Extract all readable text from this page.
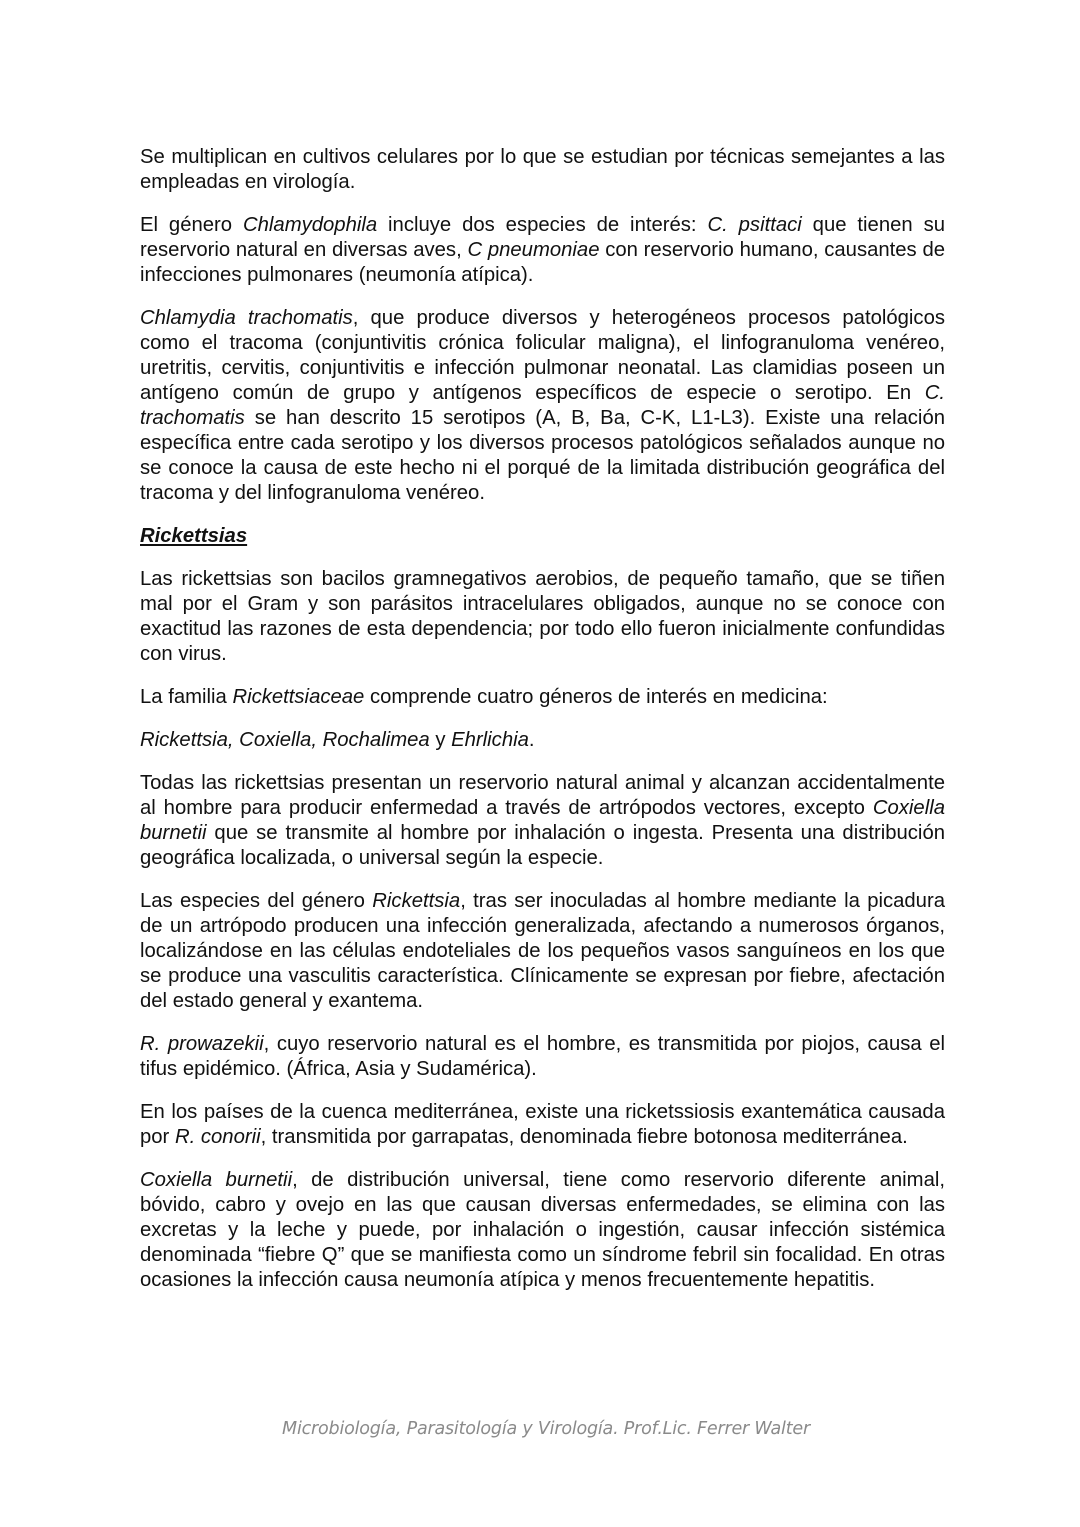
Se multiplican en cultivos celulares por lo que se estudian por técnicas semejantes a las empleadas en virología.

El género Chlamydophila incluye dos especies de interés: C. psittaci que tienen su reservorio natural en diversas aves, C pneumoniae con reservorio humano, causantes de infecciones pulmonares (neumonía atípica).

Chlamydia trachomatis, que produce diversos y heterogéneos procesos patológicos como el tracoma (conjuntivitis crónica folicular maligna), el linfogranuloma venéreo, uretritis, cervitis, conjuntivitis e infección pulmonar neonatal. Las clamidias poseen un antígeno común de grupo y antígenos específicos de especie o serotipo. En C. trachomatis se han descrito 15 serotipos (A, B, Ba, C-K, L1-L3). Existe una relación específica entre cada serotipo y los diversos procesos patológicos señalados aunque no se conoce la causa de este hecho ni el porqué de la limitada distribución geográfica del tracoma y del linfogranuloma venéreo.

Rickettsias

Las rickettsias son bacilos gramnegativos aerobios, de pequeño tamaño, que se tiñen mal por el Gram y son parásitos intracelulares obligados, aunque no se conoce con exactitud las razones de esta dependencia; por todo ello fueron inicialmente confundidas con virus.

La familia Rickettsiaceae comprende cuatro géneros de interés en medicina:

Rickettsia, Coxiella, Rochalimea y Ehrlichia.

Todas las rickettsias presentan un reservorio natural animal y alcanzan accidentalmente al hombre para producir enfermedad a través de artrópodos vectores, excepto Coxiella burnetii que se transmite al hombre por inhalación o ingesta. Presenta una distribución geográfica localizada, o universal según la especie.

Las especies del género Rickettsia, tras ser inoculadas al hombre mediante la picadura de un artrópodo producen una infección generalizada, afectando a numerosos órganos, localizándose en las células endoteliales de los pequeños vasos sanguíneos en los que se produce una vasculitis característica. Clínicamente se expresan por fiebre, afectación del estado general y exantema.

R. prowazekii, cuyo reservorio natural es el hombre, es transmitida por piojos, causa el tifus epidémico. (África, Asia y Sudamérica).

En los países de la cuenca mediterránea, existe una ricketssiosis exantemática causada por R. conorii, transmitida por garrapatas, denominada fiebre botonosa mediterránea.

Coxiella burnetii, de distribución universal, tiene como reservorio diferente animal, bóvido, cabro y ovejo en las que causan diversas enfermedades, se elimina con las excretas y la leche y puede, por inhalación o ingestión, causar infección sistémica denominada “fiebre Q” que se manifiesta como un síndrome febril sin focalidad. En otras ocasiones la infección causa neumonía atípica y menos frecuentemente hepatitis.

Microbiología, Parasitología y Virología. Prof.Lic. Ferrer Walter
